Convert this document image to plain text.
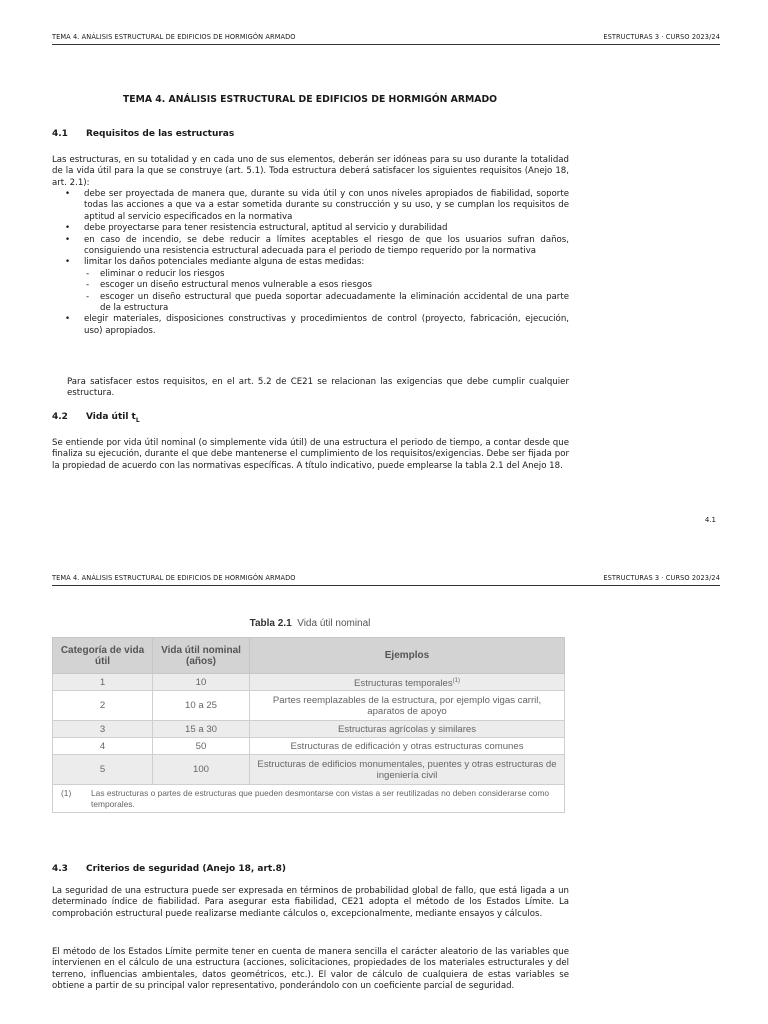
TEMA 4. ANÁLISIS ESTRUCTURAL DE EDIFICIOS DE HORMIGÓN ARMADO	ESTRUCTURAS 3 · CURSO 2023/24
TEMA 4. ANÁLISIS ESTRUCTURAL DE EDIFICIOS DE HORMIGÓN ARMADO
4.1 Requisitos de las estructuras

Las estructuras, en su totalidad y en cada uno de sus elementos, deberán ser idóneas para su uso durante la totalidad de la vida útil para la que se construye (art. 5.1). Toda estructura deberá satisfacer los siguientes requisitos (Anejo 18, art. 2.1):

• debe ser proyectada de manera que, durante su vida útil y con unos niveles apropiados de fiabilidad, soporte todas las acciones a que va a estar sometida durante su construcción y su uso, y se cumplan los requisitos de aptitud al servicio especificados en la normativa
• debe proyectarse para tener resistencia estructural, aptitud al servicio y durabilidad
• en caso de incendio, se debe reducir a límites aceptables el riesgo de que los usuarios sufran daños, consiguiendo una resistencia estructural adecuada para el periodo de tiempo requerido por la normativa
• limitar los daños potenciales mediante alguna de estas medidas:
- eliminar o reducir los riesgos
- escoger un diseño estructural menos vulnerable a esos riesgos
- escoger un diseño estructural que pueda soportar adecuadamente la eliminación accidental de una parte de la estructura
• elegir materiales, disposiciones constructivas y procedimientos de control (proyecto, fabricación, ejecución, uso) apropiados.

Para satisfacer estos requisitos, en el art. 5.2 de CE21 se relacionan las exigencias que debe cumplir cualquier estructura.

4.2 Vida útil $t_L$

Se entiende por vida útil nominal (o simplemente vida útil) de una estructura el periodo de tiempo, a contar desde que finaliza su ejecución, durante el que debe mantenerse el cumplimiento de los requisitos/exigencias. Debe ser fijada por la propiedad de acuerdo con las normativas específicas. A título indicativo, puede emplearse la tabla 2.1 del Anejo 18.

4.1
TEMA 4. ANÁLISIS ESTRUCTURAL DE EDIFICIOS DE HORMIGÓN ARMADO	ESTRUCTURAS 3 · CURSO 2023/24
Tabla 2.1 Vida útil nominal
Categoría de vida útil	Vida útil nominal (años)	Ejemplos
1	10	Estructuras temporales$^{(1)}$
2	10 a 25	Partes reemplazables de la estructura, por ejemplo vigas carril, aparatos de apoyo
3	15 a 30	Estructuras agrícolas y similares
4	50	Estructuras de edificación y otras estructuras comunes
5	100	Estructuras de edificios monumentales, puentes y otras estructuras de ingeniería civil

(1) Las estructuras o partes de estructuras que pueden desmontarse con vistas a ser reutilizadas no deben considerarse como temporales.		
4.3 Criterios de seguridad (Anejo 18, art.8)

La seguridad de una estructura puede ser expresada en términos de probabilidad global de fallo, que está ligada a un determinado índice de fiabilidad. Para asegurar esta fiabilidad, CE21 adopta el método de los Estados Límite. La comprobación estructural puede realizarse mediante cálculos o, excepcionalmente, mediante ensayos y cálculos.

El método de los Estados Límite permite tener en cuenta de manera sencilla el carácter aleatorio de las variables que intervienen en el cálculo de una estructura (acciones, solicitaciones, propiedades de los materiales estructurales y del terreno, influencias ambientales, datos geométricos, etc.). El valor de cálculo de cualquiera de estas variables se obtiene a partir de su principal valor representativo, ponderándolo con un coeficiente parcial de seguridad.
